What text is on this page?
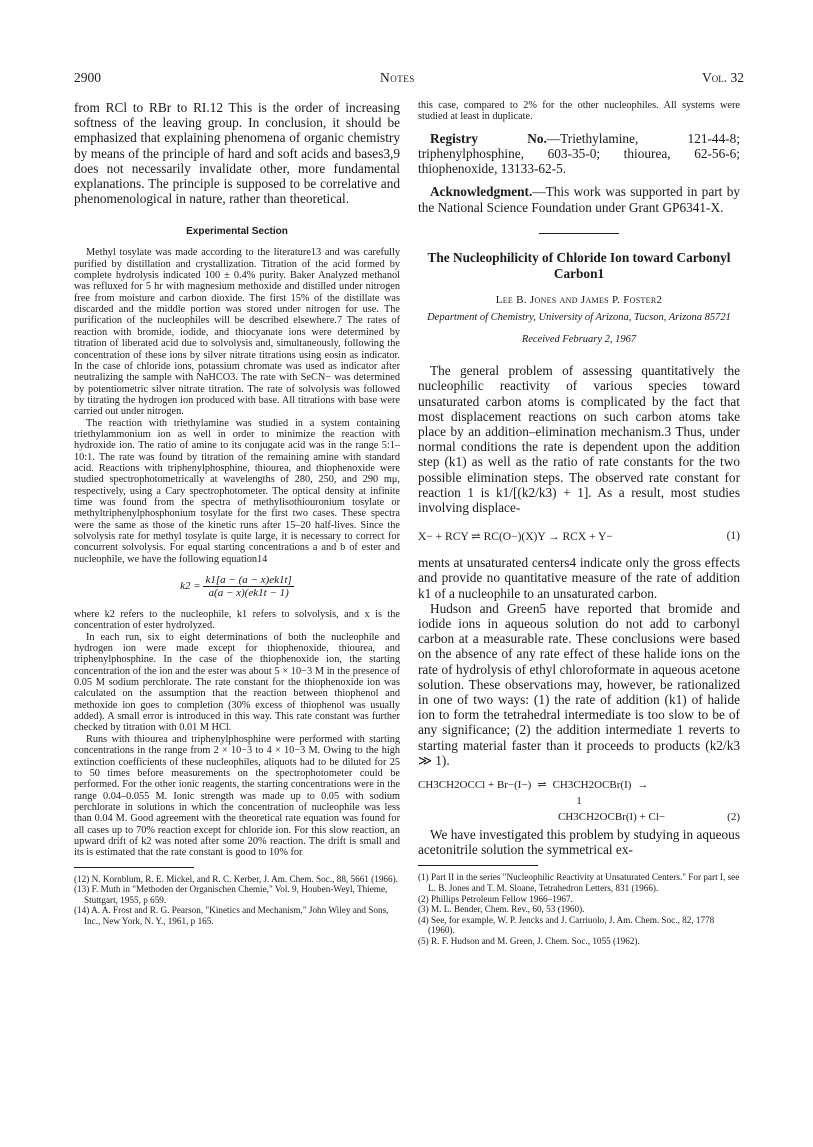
2900	Notes	Vol. 32

from RCl to RBr to RI.12 This is the order of increasing softness of the leaving group. In conclusion, it should be emphasized that explaining phenomena of organic chemistry by means of the principle of hard and soft acids and bases3,9 does not necessarily invalidate other, more fundamental explanations. The principle is supposed to be correlative and phenomenological in nature, rather than theoretical.

Experimental Section

Methyl tosylate was made according to the literature13 and was carefully purified by distillation and crystallization. Titration of the acid formed by complete hydrolysis indicated 100 ± 0.4% purity. Baker Analyzed methanol was refluxed for 5 hr with magnesium methoxide and distilled under nitrogen free from moisture and carbon dioxide. The first 15% of the distillate was discarded and the middle portion was stored under nitrogen for use. The purification of the nucleophiles will be described elsewhere.7 The rates of reaction with bromide, iodide, and thiocyanate ions were determined by titration of liberated acid due to solvolysis and, simultaneously, following the concentration of these ions by silver nitrate titrations using eosin as indicator. In the case of chloride ions, potassium chromate was used as indicator after neutralizing the sample with NaHCO3. The rate with SeCN− was determined by potentiometric silver nitrate titration. The rate of solvolysis was followed by titrating the hydrogen ion produced with base. All titrations with base were carried out under nitrogen.

The reaction with triethylamine was studied in a system containing triethylammonium ion as well in order to minimize the reaction with hydroxide ion. The ratio of amine to its conjugate acid was in the range 5:1–10:1. The rate was found by titration of the remaining amine with standard acid. Reactions with triphenylphosphine, thiourea, and thiophenoxide were studied spectrophotometrically at wavelengths of 280, 250, and 290 mμ, respectively, using a Cary spectrophotometer. The optical density at infinite time was found from the spectra of methylisothiouronium tosylate or methyltriphenylphosphonium tosylate for the first two cases. These spectra were the same as those of the kinetic runs after 15–20 half-lives. Since the solvolysis rate for methyl tosylate is quite large, it is necessary to correct for concurrent solvolysis. For equal starting concentrations a and b of ester and nucleophile, we have the following equation14

$k2 = \frac{k1[a - (a - x)ek1t]}{a(a - x)(ek1t - 1)}$

where k2 refers to the nucleophile, k1 refers to solvolysis, and x is the concentration of ester hydrolyzed.

In each run, six to eight determinations of both the nucleophile and hydrogen ion were made except for thiophenoxide, thiourea, and triphenylphosphine. In the case of the thiophenoxide ion, the starting concentration of the ion and the ester was about 5 × 10−3 M in the presence of 0.05 M sodium perchlorate. The rate constant for the thiophenoxide ion was calculated on the assumption that the reaction between thiophenol and methoxide ion goes to completion (30% excess of thiophenol was usually added). A small error is introduced in this way. This rate constant was further checked by titration with 0.01 M HCl.

Runs with thiourea and triphenylphosphine were performed with starting concentrations in the range from 2 × 10−3 to 4 × 10−3 M. Owing to the high extinction coefficients of these nucleophiles, aliquots had to be diluted for 25 to 50 times before measurements on the spectrophotometer could be performed. For the other ionic reagents, the starting concentrations were in the range 0.04–0.055 M. Ionic strength was made up to 0.05 with sodium perchlorate in solutions in which the concentration of nucleophile was less than 0.04 M. Good agreement with the theoretical rate equation was found for all cases up to 70% reaction except for chloride ion. For this slow reaction, an upward drift of k2 was noted after some 20% reaction. The drift is small and its is estimated that the rate constant is good to 10% for

(12) N. Kornblum, R. E. Mickel, and R. C. Kerber, J. Am. Chem. Soc., 88, 5661 (1966).

(13) F. Muth in "Methoden der Organischen Chemie," Vol. 9, Houben-Weyl, Thieme, Stuttgart, 1955, p 659.

(14) A. A. Frost and R. G. Pearson, "Kinetics and Mechanism," John Wiley and Sons, Inc., New York, N. Y., 1961, p 165.

this case, compared to 2% for the other nucleophiles. All systems were studied at least in duplicate.

Registry No.—Triethylamine, 121-44-8; triphenylphosphine, 603-35-0; thiourea, 62-56-6; thiophenoxide, 13133-62-5.

Acknowledgment.—This work was supported in part by the National Science Foundation under Grant GP6341-X.

The Nucleophilicity of Chloride Ion toward Carbonyl Carbon1

Lee B. Jones and James P. Foster2

Department of Chemistry, University of Arizona, Tucson, Arizona 85721

Received February 2, 1967

The general problem of assessing quantitatively the nucleophilic reactivity of various species toward unsaturated carbon atoms is complicated by the fact that most displacement reactions on such carbon atoms take place by an addition–elimination mechanism.3 Thus, under normal conditions the rate is dependent upon the addition step (k1) as well as the ratio of rate constants for the two possible elimination steps. The observed rate constant for reaction 1 is k1/[(k2/k3) + 1]. As a result, most studies involving displace-

X− + RCY ⇌ RC(O−)(X)Y → RCX + Y−	(1)

ments at unsaturated centers4 indicate only the gross effects and provide no quantitative measure of the rate of addition k1 of a nucleophile to an unsaturated carbon.

Hudson and Green5 have reported that bromide and iodide ions in aqueous solution do not add to carbonyl carbon at a measurable rate. These conclusions were based on the absence of any rate effect of these halide ions on the rate of hydrolysis of ethyl chloroformate in aqueous acetone solution. These observations may, however, be rationalized in one of two ways: (1) the rate of addition (k1) of halide ion to form the tetrahedral intermediate is too slow to be of any significance; (2) the addition intermediate 1 reverts to starting material faster than it proceeds to products (k2/k3 ≫ 1).

CH3CH2OCCl + Br−(I−) ⇌ CH3CH2OCBr(I) →
1
CH3CH2OCBr(I) + Cl−	(2)

We have investigated this problem by studying in aqueous acetonitrile solution the symmetrical ex-

(1) Part II in the series "Nucleophilic Reactivity at Unsaturated Centers." For part I, see L. B. Jones and T. M. Sloane, Tetrahedron Letters, 831 (1966).

(2) Phillips Petroleum Fellow 1966–1967.

(3) M. L. Bender, Chem. Rev., 60, 53 (1960).

(4) See, for example, W. P. Jencks and J. Carriuolo, J. Am. Chem. Soc., 82, 1778 (1960).

(5) R. F. Hudson and M. Green, J. Chem. Soc., 1055 (1962).
